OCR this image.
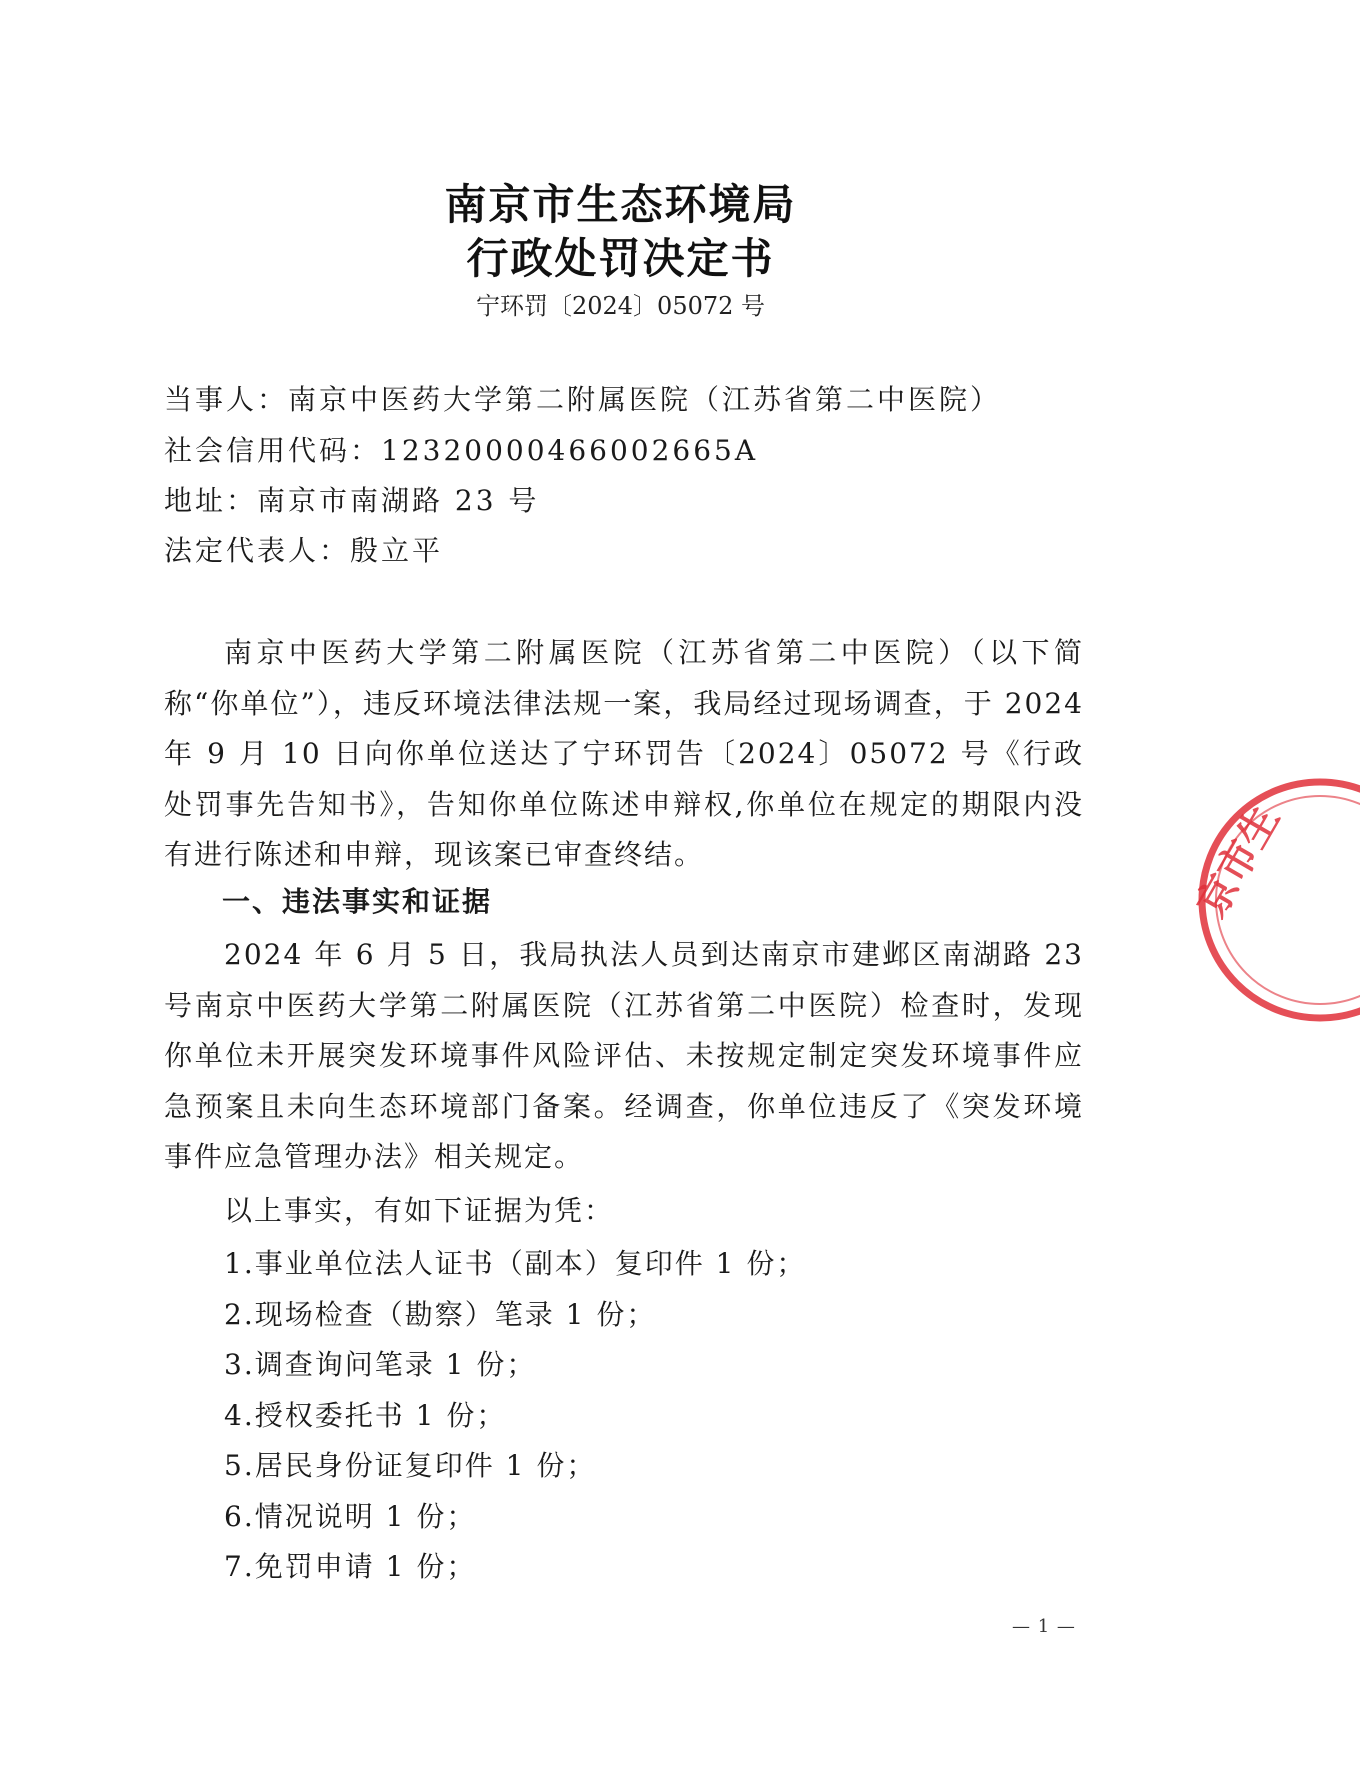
南京市生态环境局
行政处罚决定书
宁环罚〔2024〕05072 号
当事人：南京中医药大学第二附属医院（江苏省第二中医院）
社会信用代码：12320000466002665A
地址：南京市南湖路 23 号
法定代表人：殷立平

南京中医药大学第二附属医院（江苏省第二中医院）（以下简称“你单位”），违反环境法律法规一案，我局经过现场调查，于 2024 年 9 月 10 日向你单位送达了宁环罚告〔2024〕05072 号《行政处罚事先告知书》，告知你单位陈述申辩权,你单位在规定的期限内没有进行陈述和申辩，现该案已审查终结。

一、违法事实和证据

2024 年 6 月 5 日，我局执法人员到达南京市建邺区南湖路 23 号南京中医药大学第二附属医院（江苏省第二中医院）检查时，发现你单位未开展突发环境事件风险评估、未按规定制定突发环境事件应急预案且未向生态环境部门备案。经调查，你单位违反了《突发环境事件应急管理办法》相关规定。

以上事实，有如下证据为凭：

1.事业单位法人证书（副本）复印件 1 份；
2.现场检查（勘察）笔录 1 份；
3.调查询问笔录 1 份；
4.授权委托书 1 份；
5.居民身份证复印件 1 份；
6.情况说明 1 份；
7.免罚申请 1 份；
— 1 —
京市生
